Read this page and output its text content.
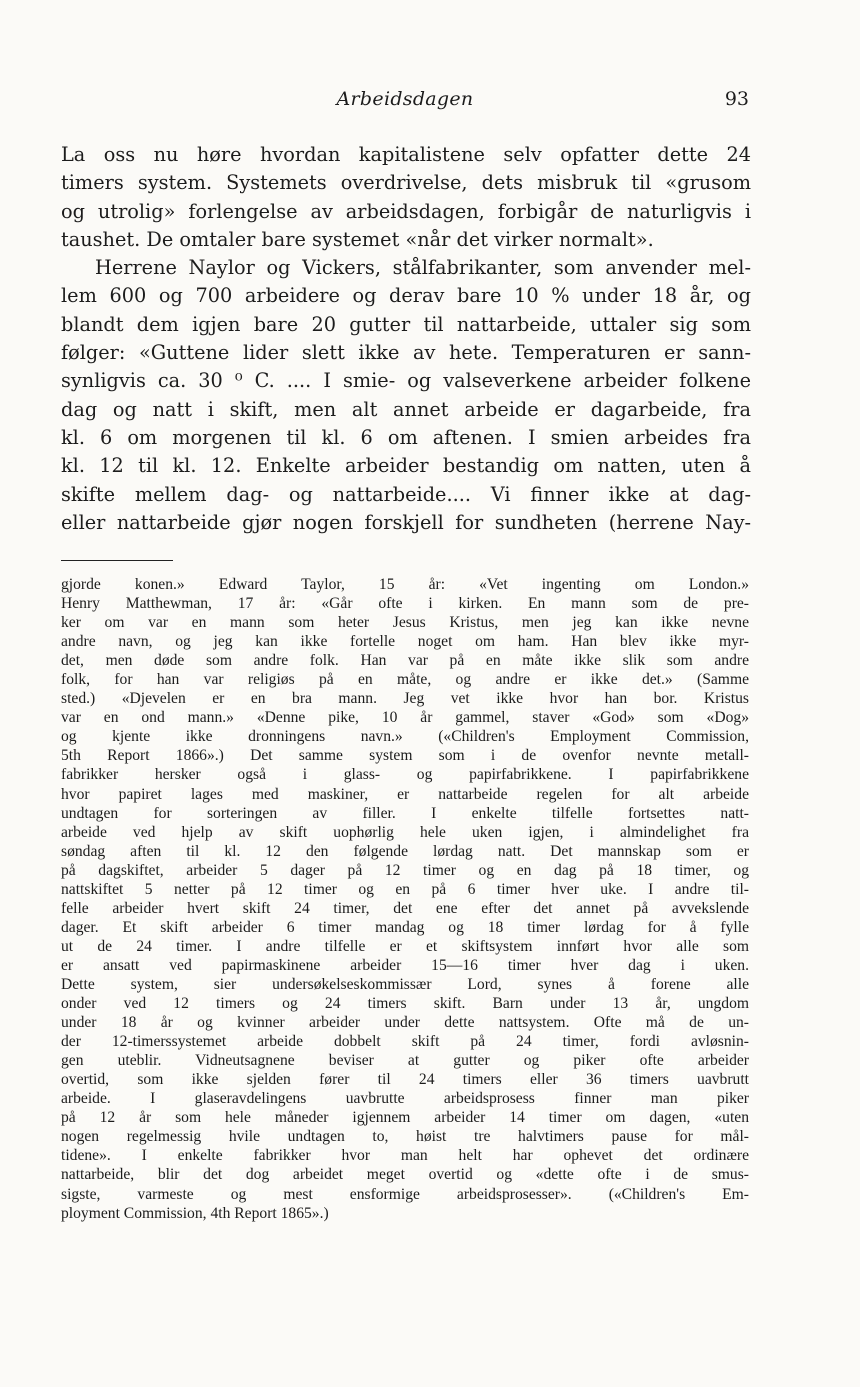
Arbeidsdagen	93
La oss nu høre hvordan kapitalistene selv opfatter dette 24
timers system. Systemets overdrivelse, dets misbruk til «grusom
og utrolig» forlengelse av arbeidsdagen, forbigår de naturligvis i
taushet. De omtaler bare systemet «når det virker normalt».
Herrene Naylor og Vickers, stålfabrikanter, som anvender mel-
lem 600 og 700 arbeidere og derav bare 10 % under 18 år, og
blandt dem igjen bare 20 gutter til nattarbeide, uttaler sig som
følger: «Guttene lider slett ikke av hete. Temperaturen er sann-
synligvis ca. 30 ⁰ C. .... I smie- og valseverkene arbeider folkene
dag og natt i skift, men alt annet arbeide er dagarbeide, fra
kl. 6 om morgenen til kl. 6 om aftenen. I smien arbeides fra
kl. 12 til kl. 12. Enkelte arbeider bestandig om natten, uten å
skifte mellem dag- og nattarbeide.... Vi finner ikke at dag-
eller nattarbeide gjør nogen forskjell for sundheten (herrene Nay-
gjorde konen.» Edward Taylor, 15 år: «Vet ingenting om London.»
Henry Matthewman, 17 år: «Går ofte i kirken. En mann som de pre-
ker om var en mann som heter Jesus Kristus, men jeg kan ikke nevne
andre navn, og jeg kan ikke fortelle noget om ham. Han blev ikke myr-
det, men døde som andre folk. Han var på en måte ikke slik som andre
folk, for han var religiøs på en måte, og andre er ikke det.» (Samme
sted.) «Djevelen er en bra mann. Jeg vet ikke hvor han bor. Kristus
var en ond mann.» «Denne pike, 10 år gammel, staver «God» som «Dog»
og kjente ikke dronningens navn.» («Children's Employment Commission,
5th Report 1866».) Det samme system som i de ovenfor nevnte metall-
fabrikker hersker også i glass- og papirfabrikkene. I papirfabrikkene
hvor papiret lages med maskiner, er nattarbeide regelen for alt arbeide
undtagen for sorteringen av filler. I enkelte tilfelle fortsettes natt-
arbeide ved hjelp av skift uophørlig hele uken igjen, i almindelighet fra
søndag aften til kl. 12 den følgende lørdag natt. Det mannskap som er
på dagskiftet, arbeider 5 dager på 12 timer og en dag på 18 timer, og
nattskiftet 5 netter på 12 timer og en på 6 timer hver uke. I andre til-
felle arbeider hvert skift 24 timer, det ene efter det annet på avvekslende
dager. Et skift arbeider 6 timer mandag og 18 timer lørdag for å fylle
ut de 24 timer. I andre tilfelle er et skiftsystem innført hvor alle som
er ansatt ved papirmaskinene arbeider 15—16 timer hver dag i uken.
Dette system, sier undersøkelseskommissær Lord, synes å forene alle
onder ved 12 timers og 24 timers skift. Barn under 13 år, ungdom
under 18 år og kvinner arbeider under dette nattsystem. Ofte må de un-
der 12-timerssystemet arbeide dobbelt skift på 24 timer, fordi avløsnin-
gen uteblir. Vidneutsagnene beviser at gutter og piker ofte arbeider
overtid, som ikke sjelden fører til 24 timers eller 36 timers uavbrutt
arbeide. I glaseravdelingens uavbrutte arbeidsprosess finner man piker
på 12 år som hele måneder igjennem arbeider 14 timer om dagen, «uten
nogen regelmessig hvile undtagen to, høist tre halvtimers pause for mål-
tidene». I enkelte fabrikker hvor man helt har ophevet det ordinære
nattarbeide, blir det dog arbeidet meget overtid og «dette ofte i de smus-
sigste, varmeste og mest ensformige arbeidsprosesser». («Children's Em-
ployment Commission, 4th Report 1865».)
